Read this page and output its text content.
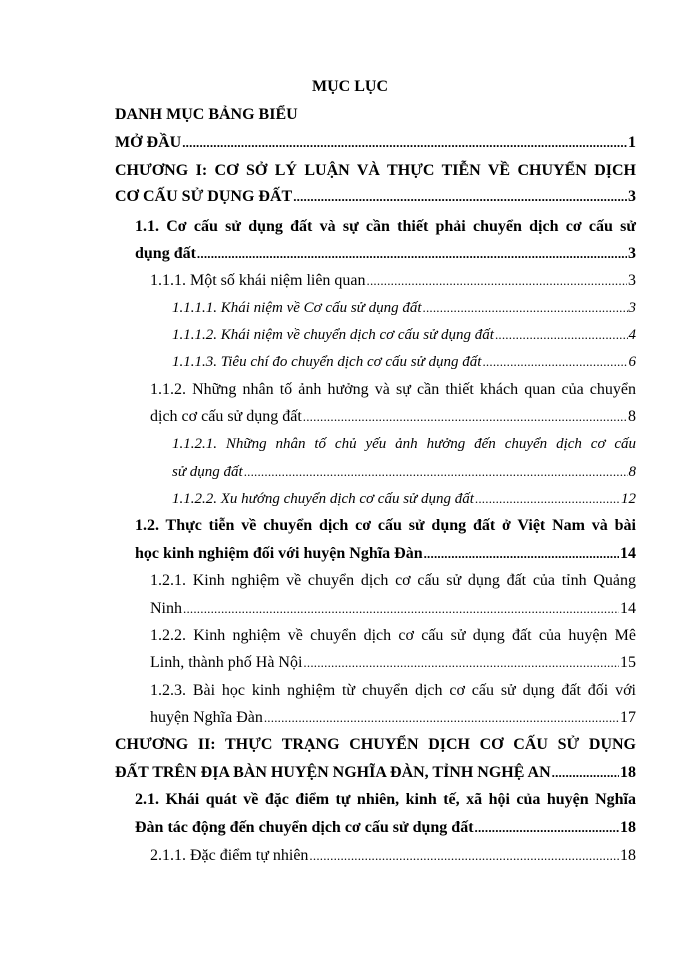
MỤC LỤC
DANH MỤC BẢNG BIỂU
MỞ ĐẦU .....	1
CHƯƠNG I: CƠ SỞ LÝ LUẬN VÀ THỰC TIỄN VỀ CHUYỂN DỊCH
CƠ CẤU SỬ DỤNG ĐẤT .....	3
1.1. Cơ cấu sử dụng đất và sự cần thiết phải chuyển dịch cơ cấu sử
dụng đất .....	3
1.1.1. Một số khái niệm liên quan .....	3
1.1.1.1. Khái niệm về Cơ cấu sử dụng đất .....	3
1.1.1.2. Khái niệm về chuyển dịch cơ cấu sử dụng đất .....	4
1.1.1.3. Tiêu chí đo chuyển dịch cơ cấu sử dụng đất .....	6
1.1.2. Những nhân tố ảnh hưởng và sự cần thiết khách quan của chuyển
dịch cơ cấu sử dụng đất .....	8
1.1.2.1. Những nhân tố chủ yếu ảnh hưởng đến chuyển dịch cơ cấu
sử dụng đất .....	8
1.1.2.2. Xu hướng chuyển dịch cơ cấu sử dụng đất .....	12
1.2. Thực tiễn về chuyển dịch cơ cấu sử dụng đất ở Việt Nam và bài
học kinh nghiệm đối với huyện Nghĩa Đàn .....	14
1.2.1. Kinh nghiệm về chuyển dịch cơ cấu sử dụng đất của tỉnh Quảng
Ninh .....	14
1.2.2. Kinh nghiệm về chuyển dịch cơ cấu sử dụng đất của huyện Mê
Linh, thành phố Hà Nội .....	15
1.2.3. Bài học kinh nghiệm từ chuyển dịch cơ cấu sử dụng đất đối với
huyện Nghĩa Đàn .....	17
CHƯƠNG II: THỰC TRẠNG CHUYỂN DỊCH CƠ CẤU SỬ DỤNG
ĐẤT TRÊN ĐỊA BÀN HUYỆN NGHĨA ĐÀN, TỈNH NGHỆ AN .....	18
2.1. Khái quát về đặc điểm tự nhiên, kinh tế, xã hội của huyện Nghĩa
Đàn tác động đến chuyển dịch cơ cấu sử dụng đất .....	18
2.1.1. Đặc điểm tự nhiên .....	18
